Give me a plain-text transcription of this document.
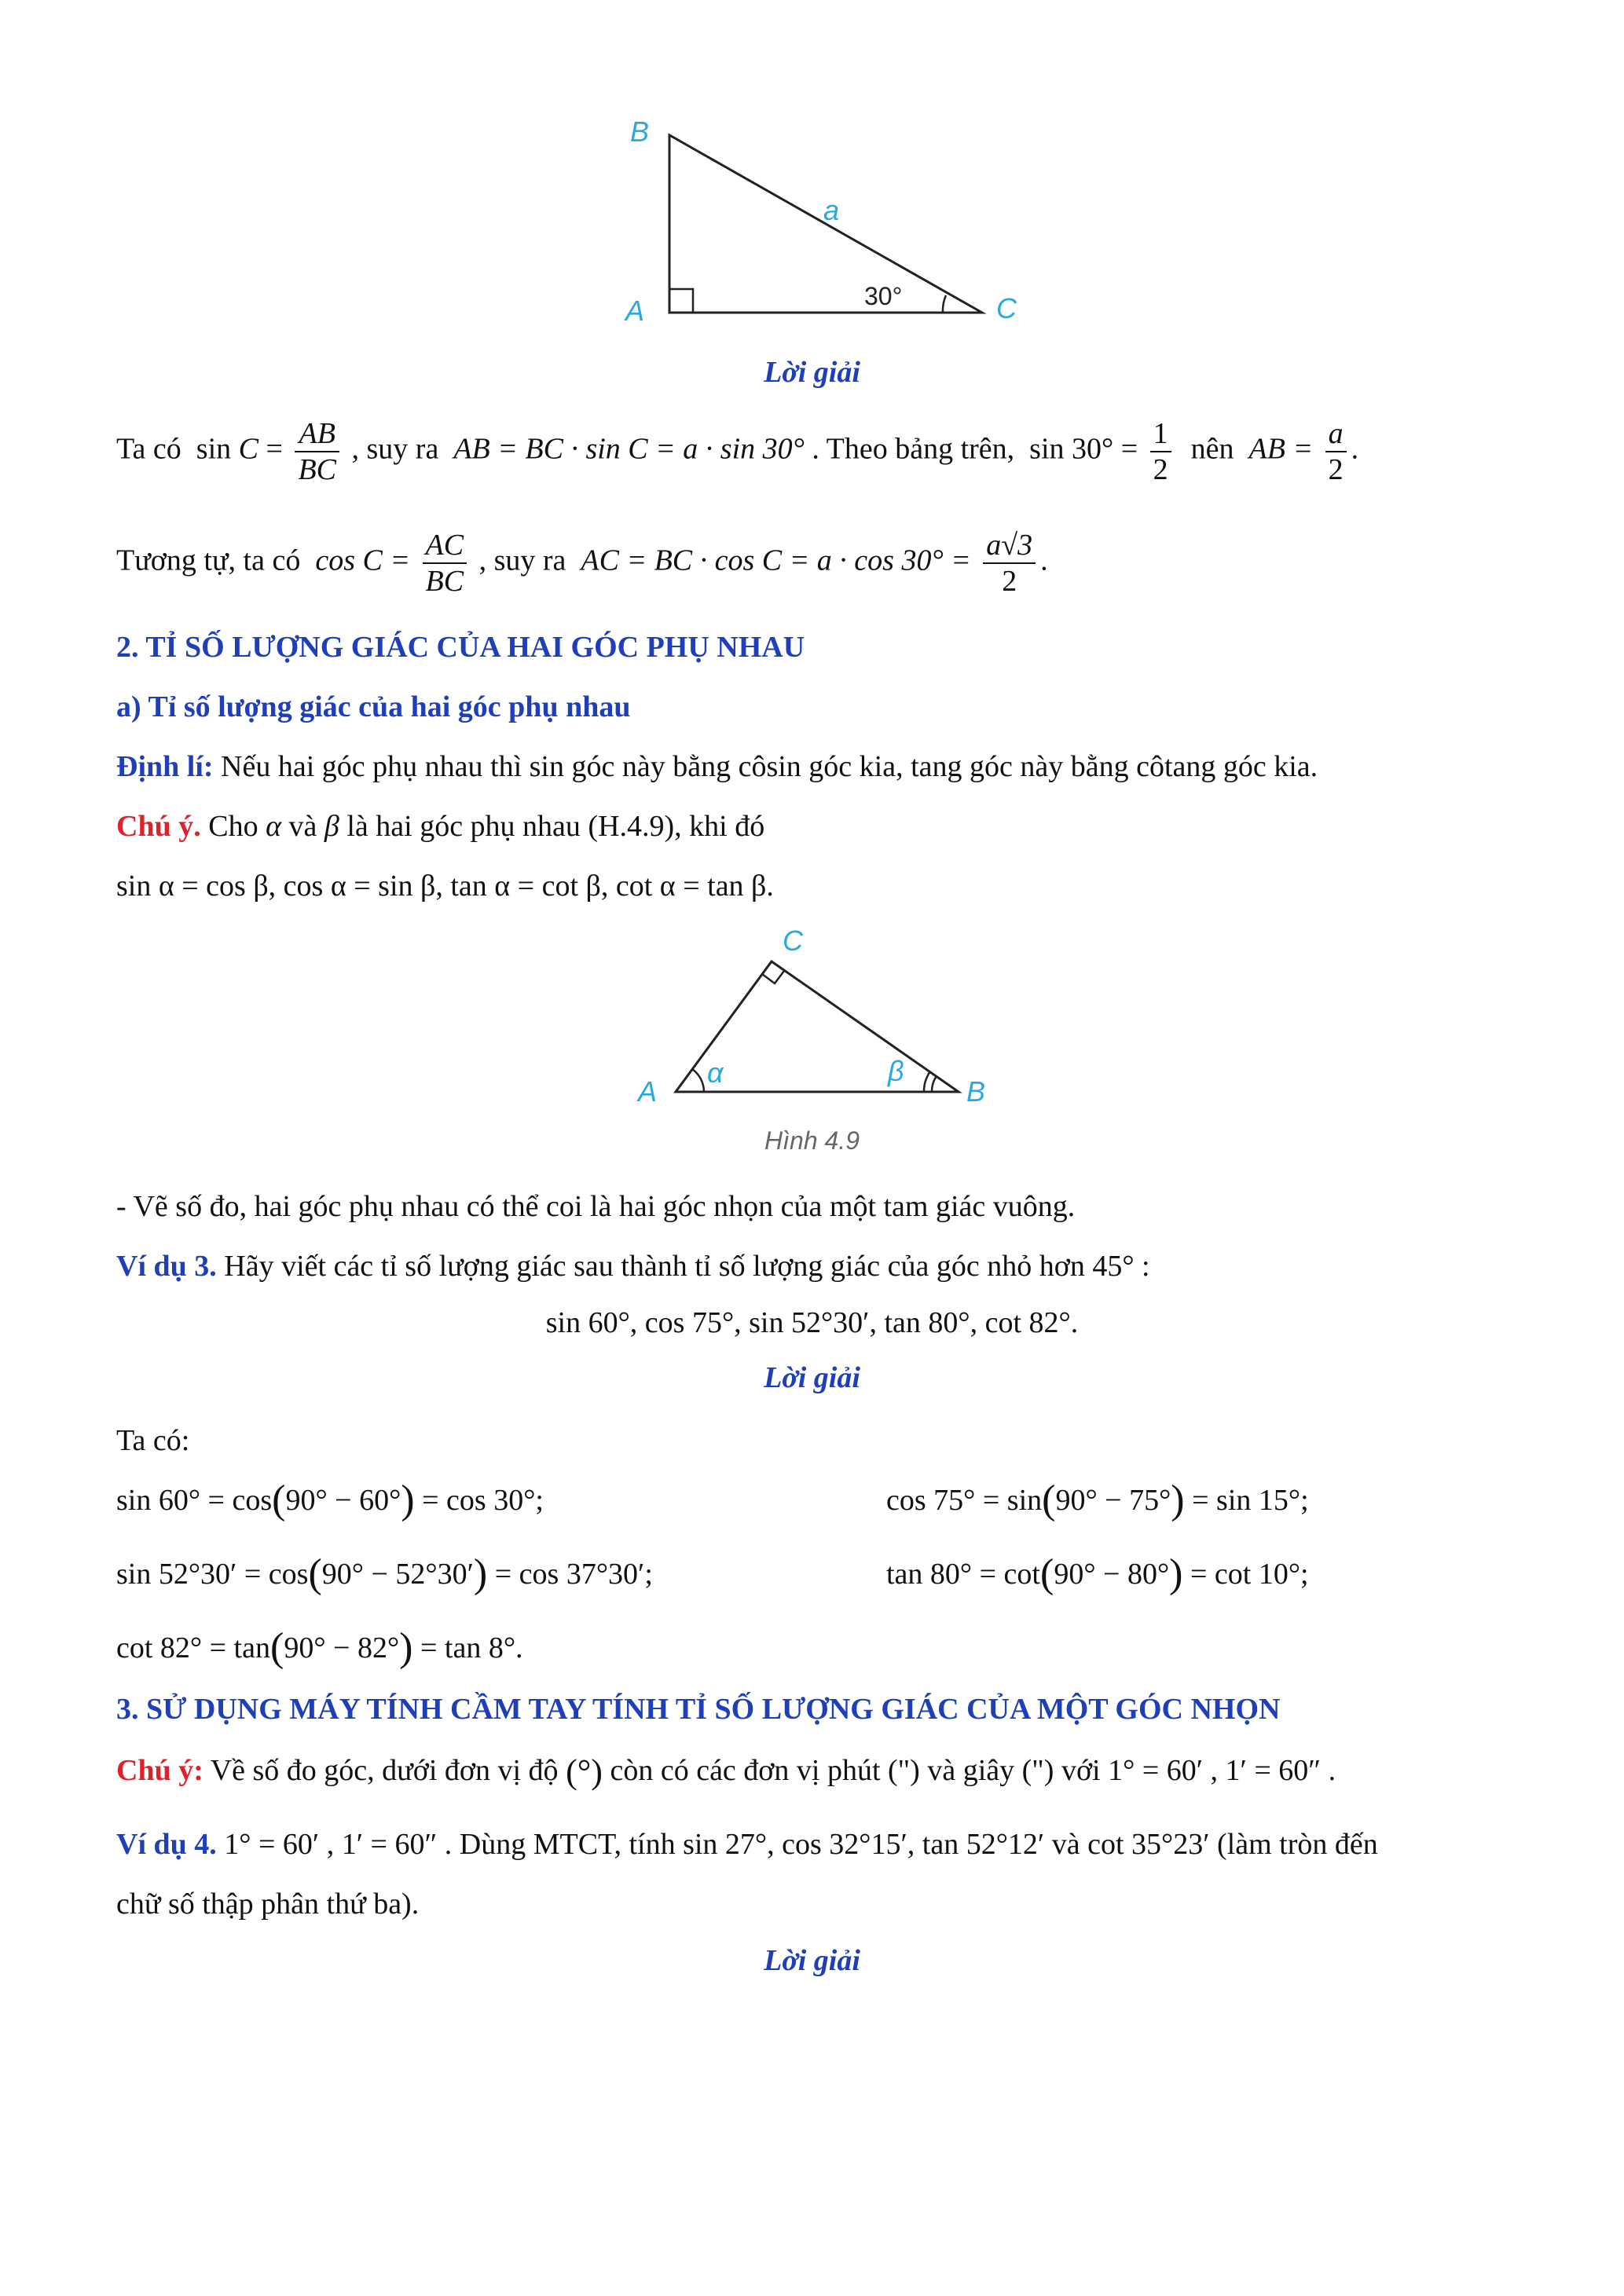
B
A	C
a
30°
Lời giải
Ta có $\sin C = \frac{AB}{BC}$ , suy ra AB = BC · sin C = a · sin 30° . Theo bảng trên, $\sin 30^\circ = \frac{1}{2}$ nên AB = $\frac{a}{2}$ .
Tương tự, ta có $\cos C = \frac{AC}{BC}$ , suy ra AC = BC · $\cos C = a \cdot \cos 30^\circ = \frac{a√3}{2}$ .
2. TỈ SỐ LƯỢNG GIÁC CỦA HAI GÓC PHỤ NHAU
a) Tỉ số lượng giác của hai góc phụ nhau
Định lí: Nếu hai góc phụ nhau thì sin góc này bằng côsin góc kia, tang góc này bằng côtang góc kia.
Chú ý. Cho α và β là hai góc phụ nhau (H.4.9), khi đó
sin α = cos β, cos α = sin β, tan α = cot β, cot α = tan β.
C
A	B
α	β
Hình 4.9
- Vẽ số đo, hai góc phụ nhau có thể coi là hai góc nhọn của một tam giác vuông.
Ví dụ 3. Hãy viết các tỉ số lượng giác sau thành tỉ số lượng giác của góc nhỏ hơn 45° :
sin 60°, cos 75°, sin 52°30′, tan 80°, cot 82°.
Lời giải
Ta có:
sin 60° = cos(90° − 60°) = cos 30°;	cos 75° = sin(90° − 75°) = sin 15°;
sin 52°30′ = cos(90° − 52°30′) = cos 37°30′;	tan 80° = cot(90° − 80°) = cot 10°;
cot 82° = tan(90° − 82°) = tan 8°.
3. SỬ DỤNG MÁY TÍNH CẦM TAY TÍNH TỈ SỐ LƯỢNG GIÁC CỦA MỘT GÓC NHỌN
Chú ý: Về số đo góc, dưới đơn vị độ (°) còn có các đơn vị phút (") và giây (") với 1° = 60′ , 1′ = 60″ .
Ví dụ 4. 1° = 60′ , 1′ = 60″ . Dùng MTCT, tính sin 27°, cos 32°15′, tan 52°12′ và cot 35°23′ (làm tròn đến
chữ số thập phân thứ ba).
Lời giải
